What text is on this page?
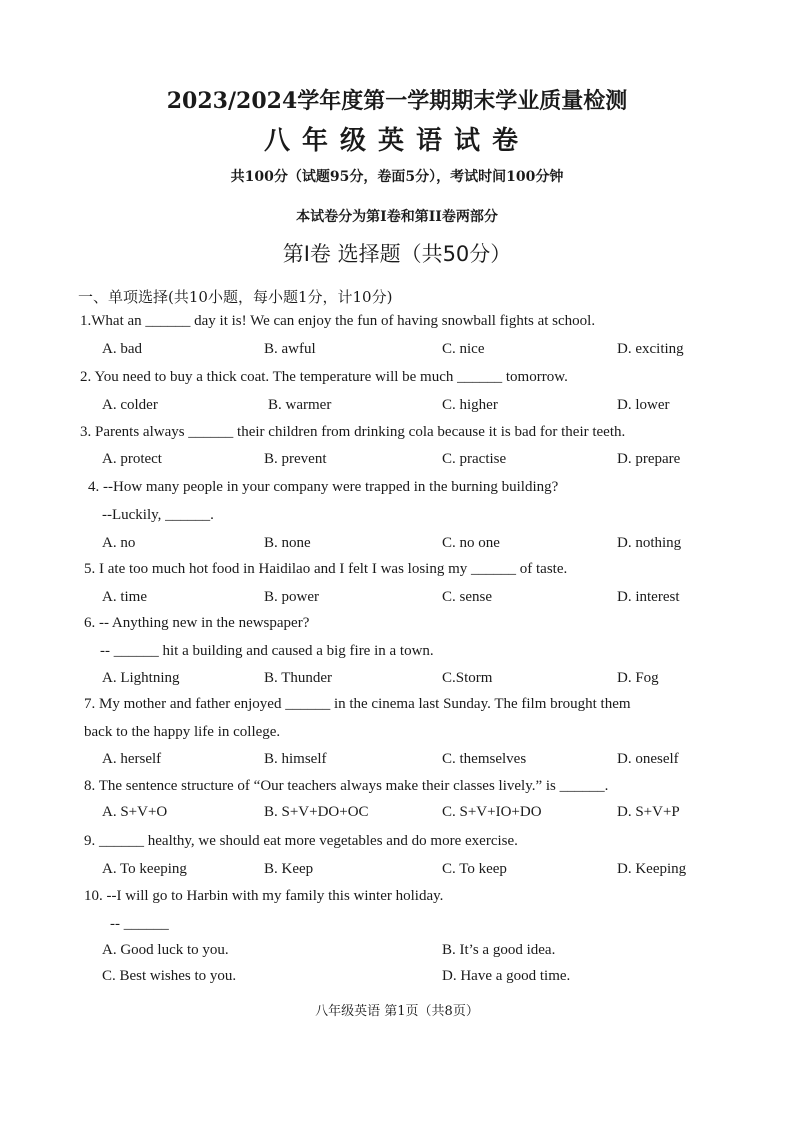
2023/2024学年度第一学期期末学业质量检测
八年级英语试卷
共100分（试题95分，卷面5分），考试时间100分钟
本试卷分为第I卷和第II卷两部分
第I卷 选择题（共50分）
一、单项选择(共10小题，每小题1分，计10分)
1.What an ______ day it is! We can enjoy the fun of having snowball fights at school.
A. bad	B. awful	C. nice	D. exciting
2. You need to buy a thick coat. The temperature will be much ______ tomorrow.
A. colder	B. warmer	C. higher	D. lower
3. Parents always ______ their children from drinking cola because it is bad for their teeth.
A. protect	B. prevent	C. practise	D. prepare
4. --How many people in your company were trapped in the burning building?
--Luckily, ______.
A. no	B. none	C. no one	D. nothing
5. I ate too much hot food in Haidilao and I felt I was losing my ______ of taste.
A. time	B. power	C. sense	D. interest
6. -- Anything new in the newspaper?
-- ______ hit a building and caused a big fire in a town.
A. Lightning	B. Thunder	C.Storm	D. Fog
7. My mother and father enjoyed ______ in the cinema last Sunday. The film brought them
back to the happy life in college.
A. herself	B. himself	C. themselves	D. oneself
8. The sentence structure of “Our teachers always make their classes lively.” is ______.
A. S+V+O	B. S+V+DO+OC	C. S+V+IO+DO	D. S+V+P
9. ______ healthy, we should eat more vegetables and do more exercise.
A. To keeping	B. Keep	C. To keep	D. Keeping
10. --I will go to Harbin with my family this winter holiday.
-- ______
A. Good luck to you.	B. It’s a good idea.
C. Best wishes to you.	D. Have a good time.
八年级英语 第1页（共8页）
